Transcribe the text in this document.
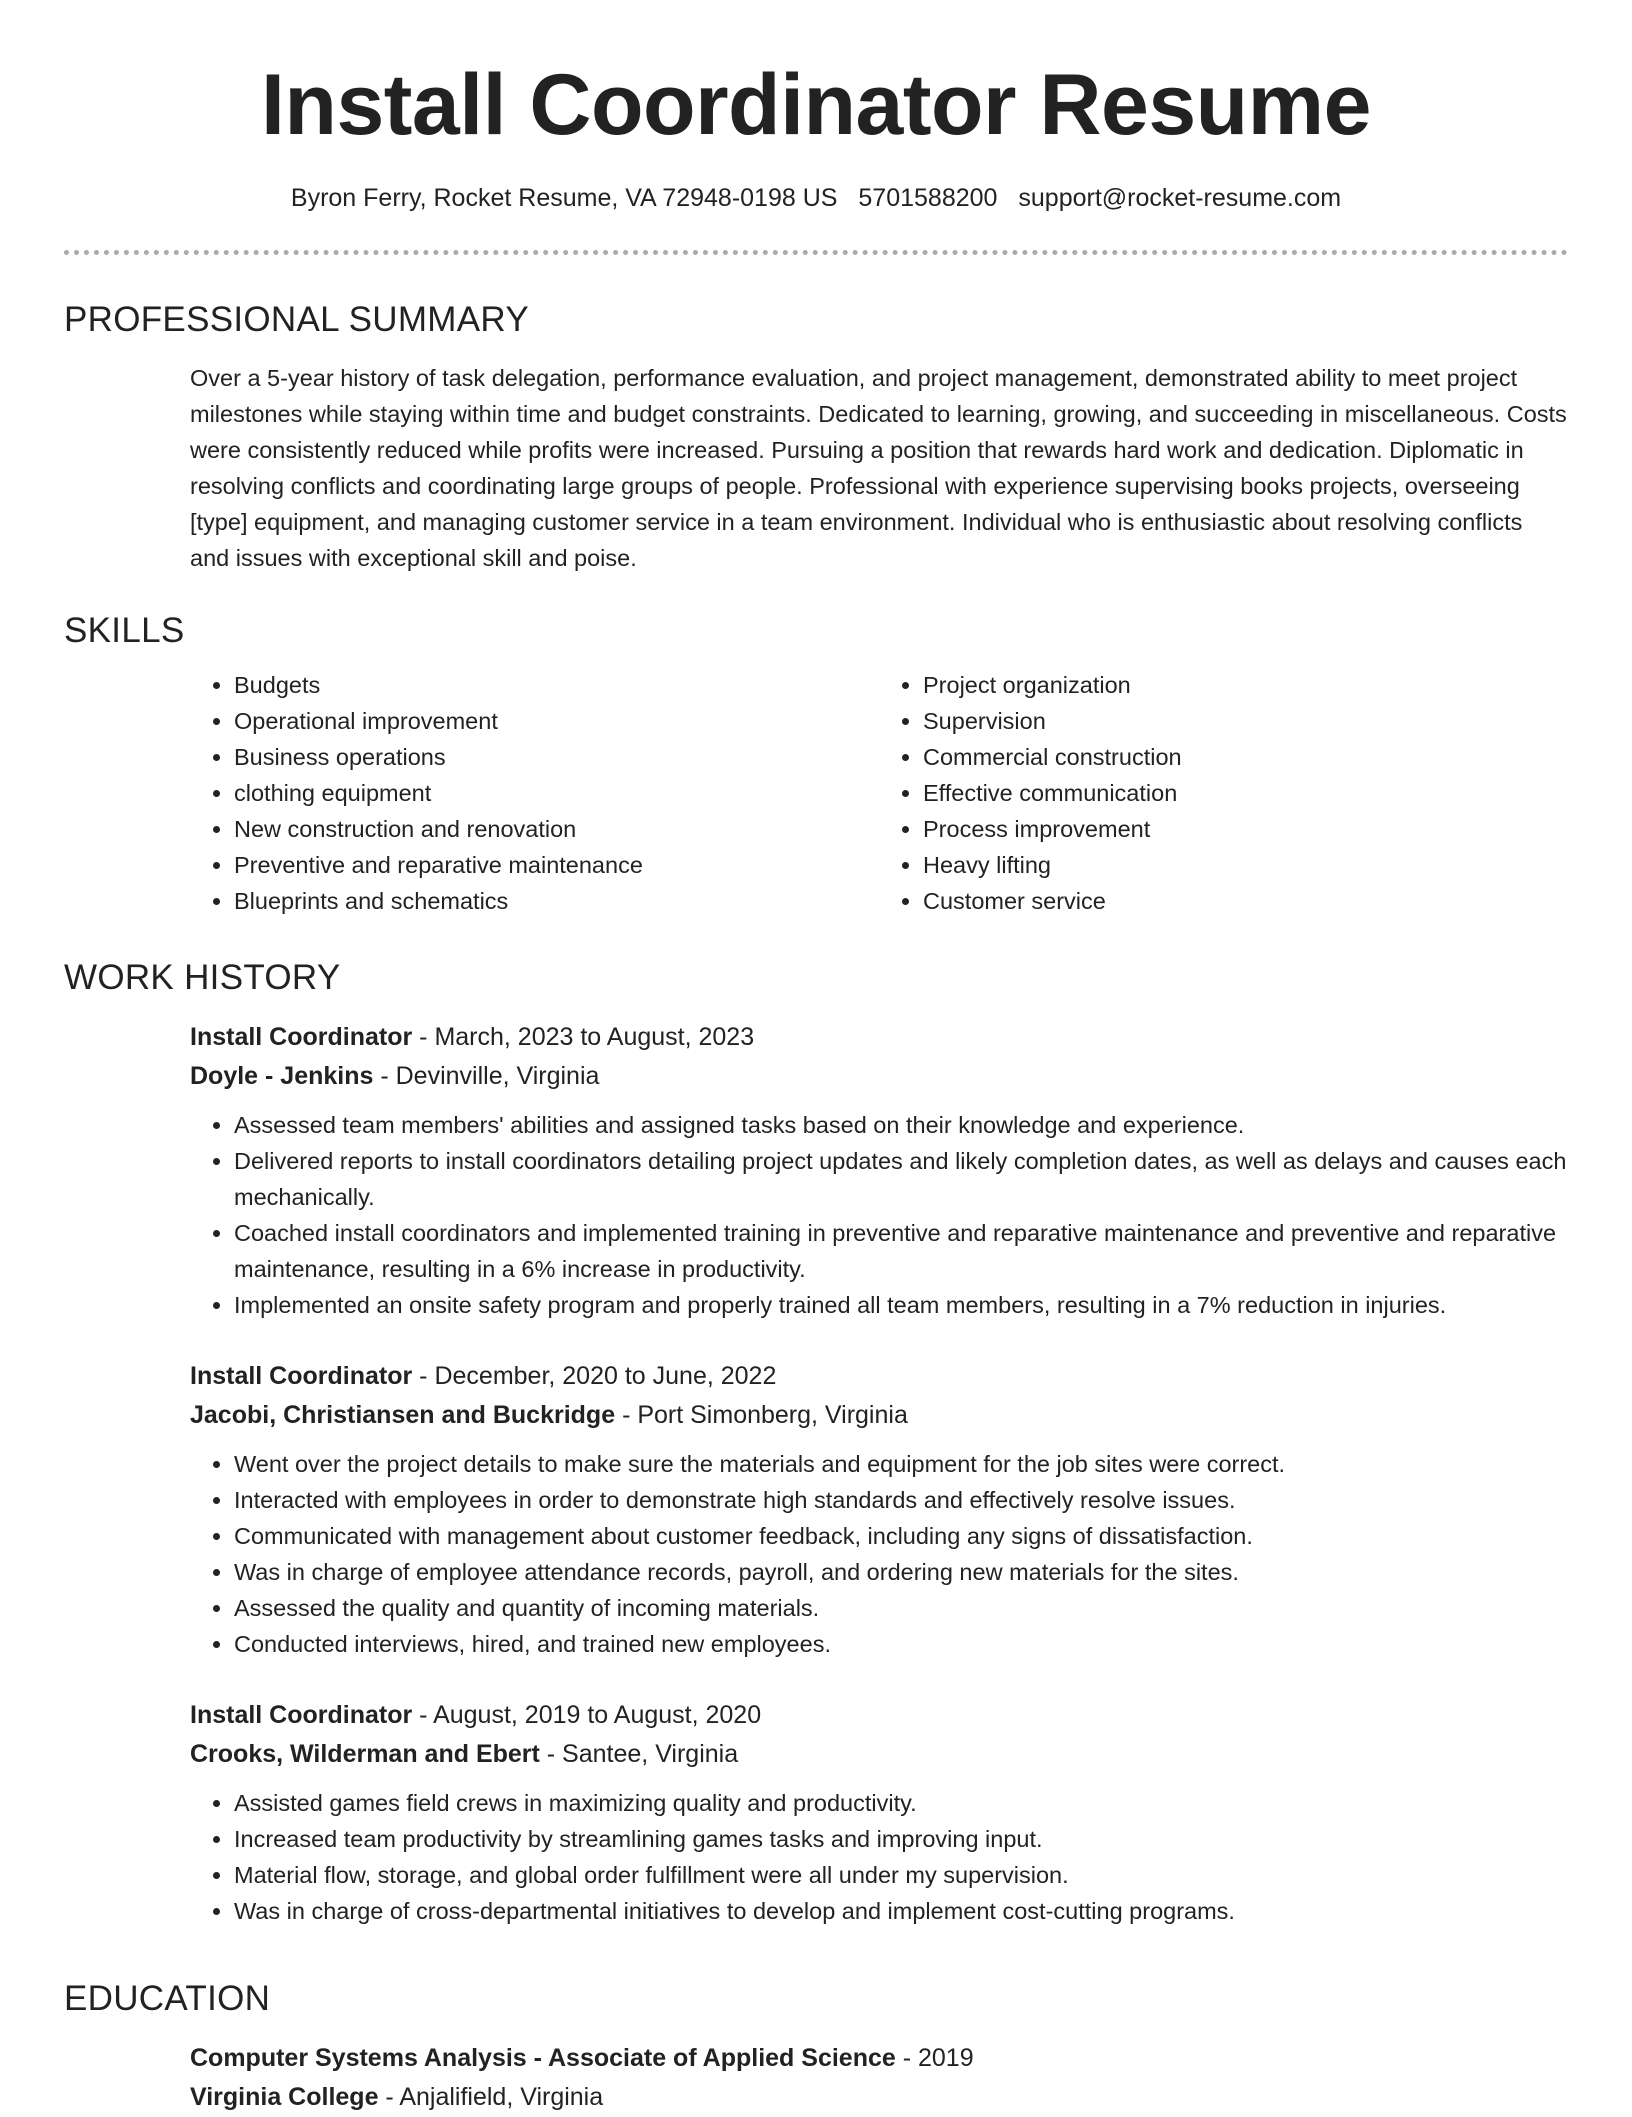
Install Coordinator Resume
Byron Ferry, Rocket Resume, VA 72948-0198 US 5701588200 support@rocket-resume.com
PROFESSIONAL SUMMARY
Over a 5-year history of task delegation, performance evaluation, and project management, demonstrated ability to meet project milestones while staying within time and budget constraints. Dedicated to learning, growing, and succeeding in miscellaneous. Costs were consistently reduced while profits were increased. Pursuing a position that rewards hard work and dedication. Diplomatic in resolving conflicts and coordinating large groups of people. Professional with experience supervising books projects, overseeing [type] equipment, and managing customer service in a team environment. Individual who is enthusiastic about resolving conflicts and issues with exceptional skill and poise.
SKILLS
• Budgets
• Operational improvement
• Business operations
• clothing equipment
• New construction and renovation
• Preventive and reparative maintenance
• Blueprints and schematics
• Project organization
• Supervision
• Commercial construction
• Effective communication
• Process improvement
• Heavy lifting
• Customer service
WORK HISTORY
Install Coordinator - March, 2023 to August, 2023
Doyle - Jenkins - Devinville, Virginia
• Assessed team members' abilities and assigned tasks based on their knowledge and experience.
• Delivered reports to install coordinators detailing project updates and likely completion dates, as well as delays and causes each mechanically.
• Coached install coordinators and implemented training in preventive and reparative maintenance and preventive and reparative maintenance, resulting in a 6% increase in productivity.
• Implemented an onsite safety program and properly trained all team members, resulting in a 7% reduction in injuries.
Install Coordinator - December, 2020 to June, 2022
Jacobi, Christiansen and Buckridge - Port Simonberg, Virginia
• Went over the project details to make sure the materials and equipment for the job sites were correct.
• Interacted with employees in order to demonstrate high standards and effectively resolve issues.
• Communicated with management about customer feedback, including any signs of dissatisfaction.
• Was in charge of employee attendance records, payroll, and ordering new materials for the sites.
• Assessed the quality and quantity of incoming materials.
• Conducted interviews, hired, and trained new employees.
Install Coordinator - August, 2019 to August, 2020
Crooks, Wilderman and Ebert - Santee, Virginia
• Assisted games field crews in maximizing quality and productivity.
• Increased team productivity by streamlining games tasks and improving input.
• Material flow, storage, and global order fulfillment were all under my supervision.
• Was in charge of cross-departmental initiatives to develop and implement cost-cutting programs.
EDUCATION
Computer Systems Analysis - Associate of Applied Science - 2019
Virginia College - Anjalifield, Virginia
